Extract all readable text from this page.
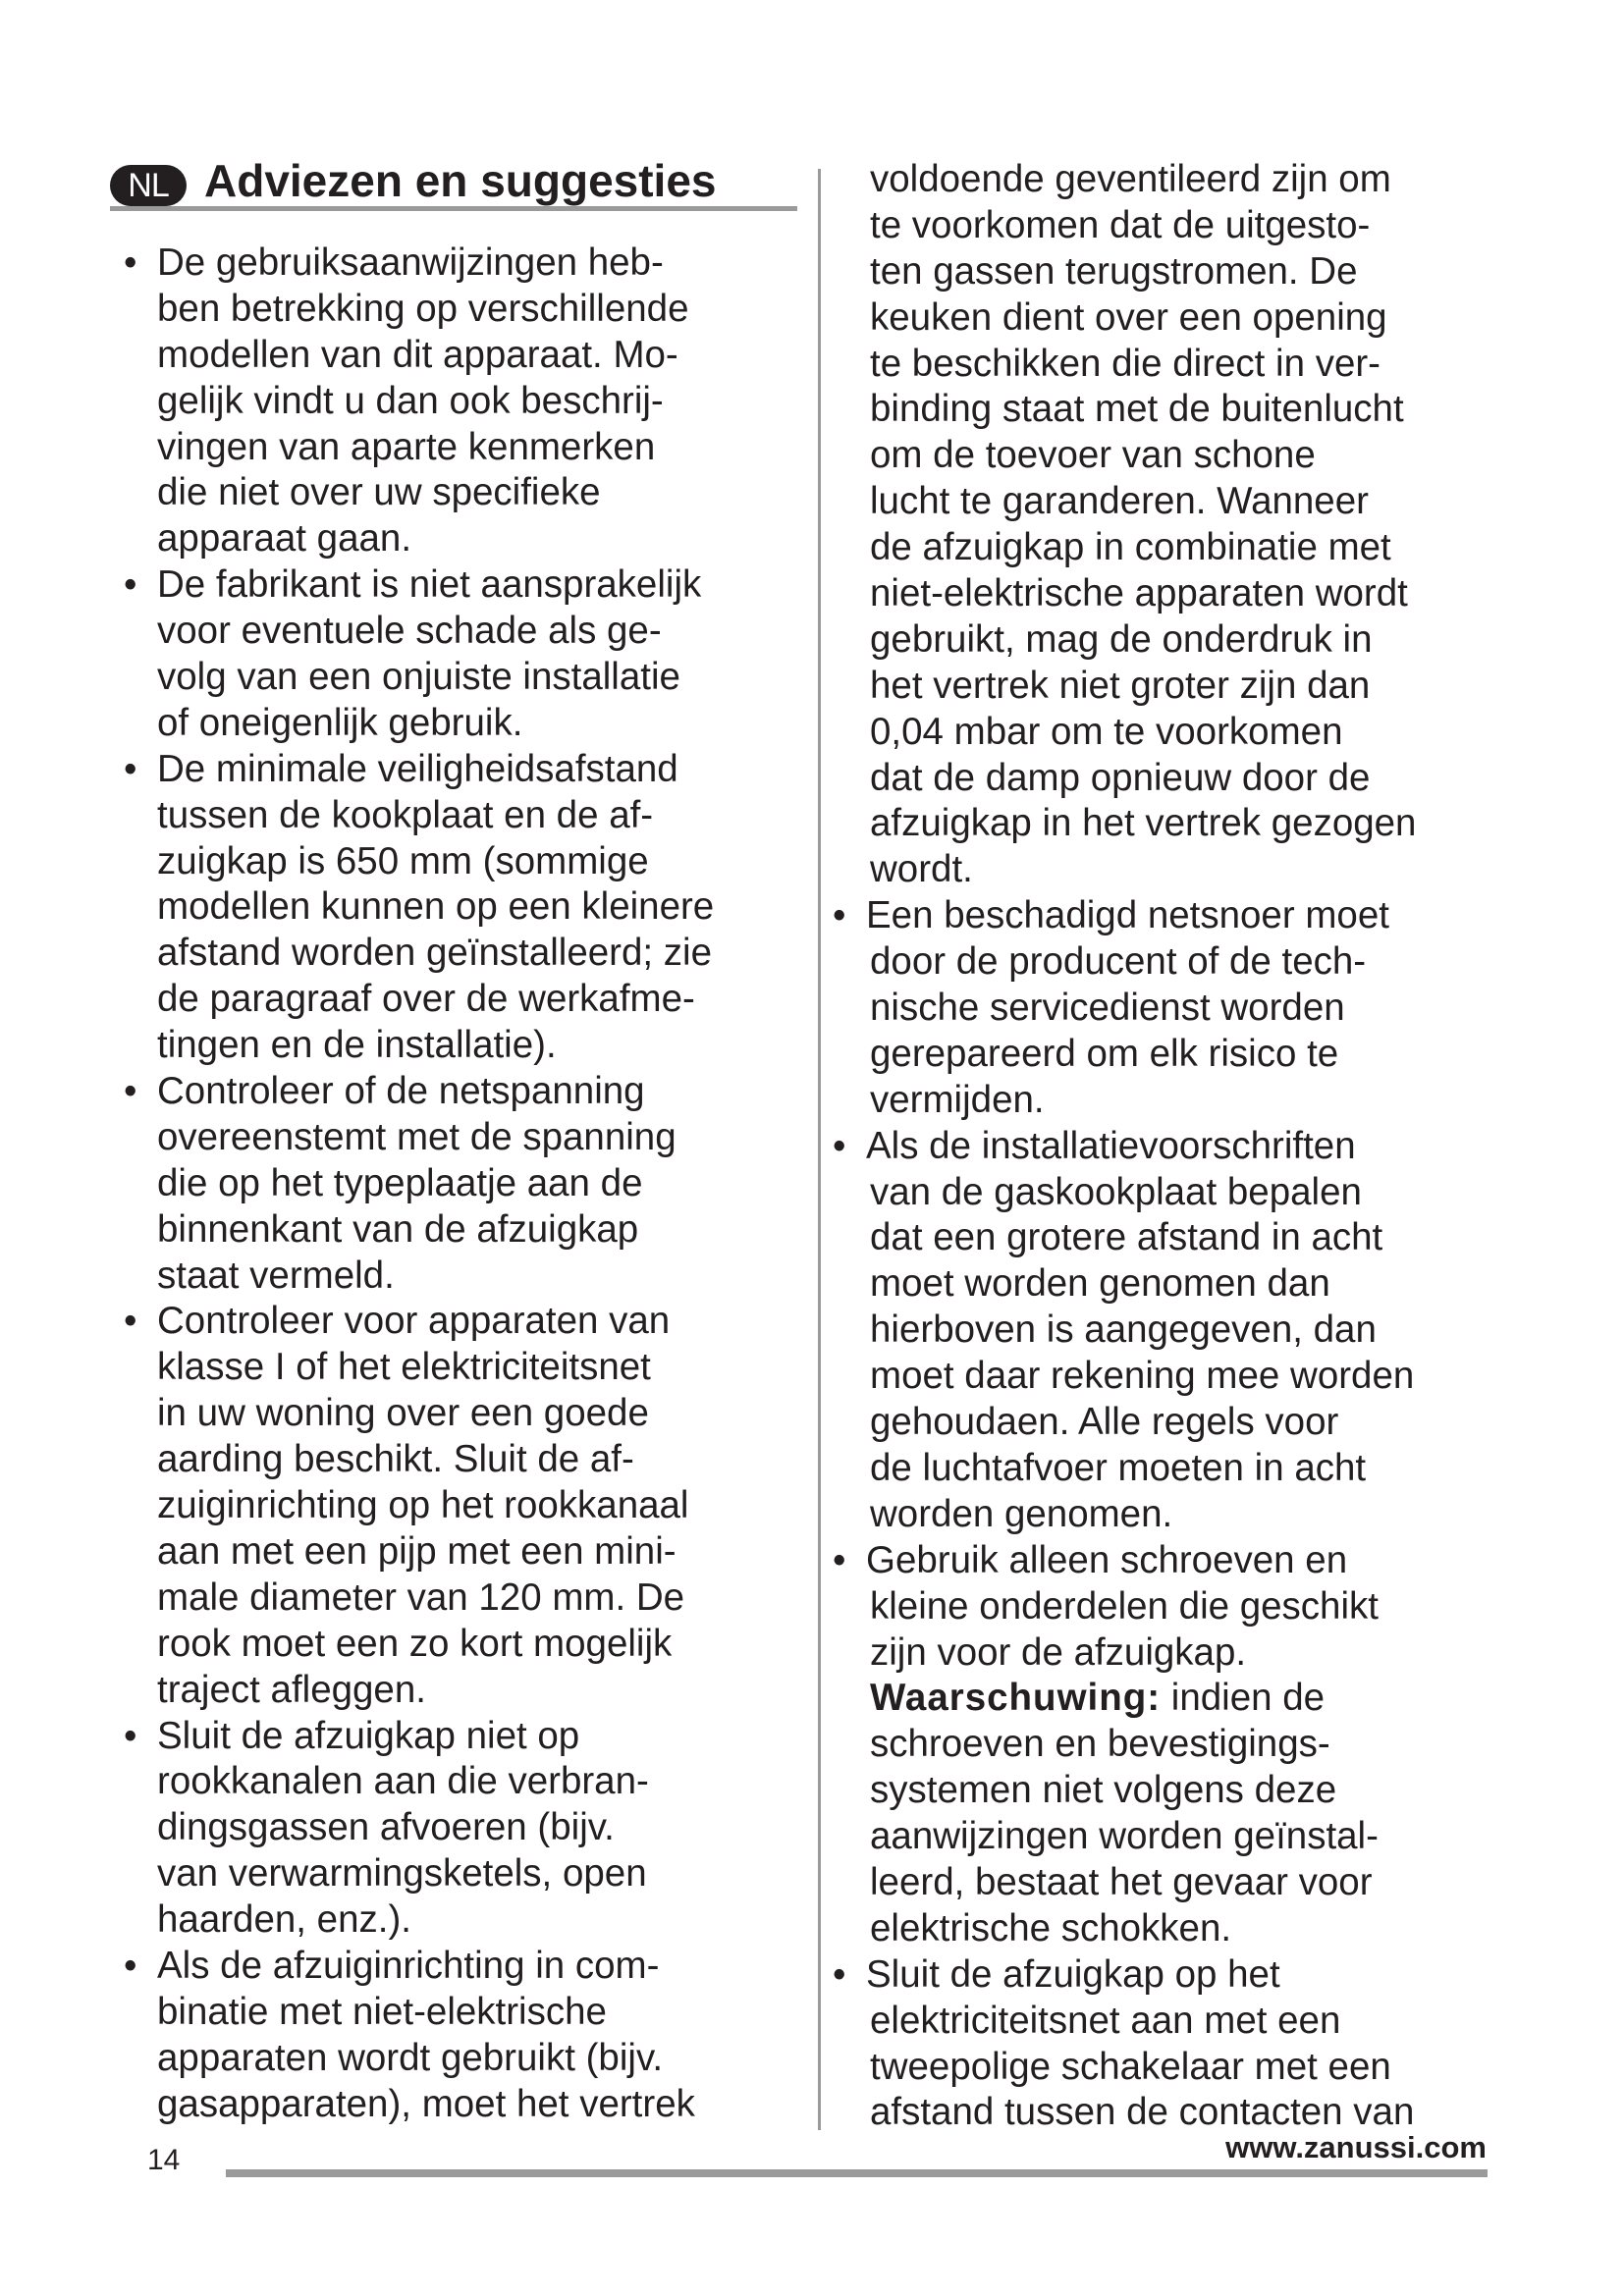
NL Adviezen en suggesties
• De gebruiksaanwijzingen heb-
ben betrekking op verschillende
modellen van dit apparaat. Mo-
gelijk vindt u dan ook beschrij-
vingen van aparte kenmerken
die niet over uw specifieke
apparaat gaan.
• De fabrikant is niet aansprakelijk
voor eventuele schade als ge-
volg van een onjuiste installatie
of oneigenlijk gebruik.
• De minimale veiligheidsafstand
tussen de kookplaat en de af-
zuigkap is 650 mm (sommige
modellen kunnen op een kleinere
afstand worden geïnstalleerd; zie
de paragraaf over de werkafme-
tingen en de installatie).
• Controleer of de netspanning
overeenstemt met de spanning
die op het typeplaatje aan de
binnenkant van de afzuigkap
staat vermeld.
• Controleer voor apparaten van
klasse I of het elektriciteitsnet
in uw woning over een goede
aarding beschikt. Sluit de af-
zuiginrichting op het rookkanaal
aan met een pijp met een mini-
male diameter van 120 mm. De
rook moet een zo kort mogelijk
traject afleggen.
• Sluit de afzuigkap niet op
rookkanalen aan die verbran-
dingsgassen afvoeren (bijv.
van verwarmingsketels, open
haarden, enz.).
• Als de afzuiginrichting in com-
binatie met niet-elektrische
apparaten wordt gebruikt (bijv.
gasapparaten), moet het vertrek
voldoende geventileerd zijn om
te voorkomen dat de uitgesto-
ten gassen terugstromen. De
keuken dient over een opening
te beschikken die direct in ver-
binding staat met de buitenlucht
om de toevoer van schone
lucht te garanderen. Wanneer
de afzuigkap in combinatie met
niet-elektrische apparaten wordt
gebruikt, mag de onderdruk in
het vertrek niet groter zijn dan
0,04 mbar om te voorkomen
dat de damp opnieuw door de
afzuigkap in het vertrek gezogen
wordt.
• Een beschadigd netsnoer moet
door de producent of de tech-
nische servicedienst worden
gerepareerd om elk risico te
vermijden.
• Als de installatievoorschriften
van de gaskookplaat bepalen
dat een grotere afstand in acht
moet worden genomen dan
hierboven is aangegeven, dan
moet daar rekening mee worden
gehoudaen. Alle regels voor
de luchtafvoer moeten in acht
worden genomen.
• Gebruik alleen schroeven en
kleine onderdelen die geschikt
zijn voor de afzuigkap.
Waarschuwing: indien de
schroeven en bevestigings-
systemen niet volgens deze
aanwijzingen worden geïnstal-
leerd, bestaat het gevaar voor
elektrische schokken.
• Sluit de afzuigkap op het
elektriciteitsnet aan met een
tweepolige schakelaar met een
afstand tussen de contacten van
14	www.zanussi.com
